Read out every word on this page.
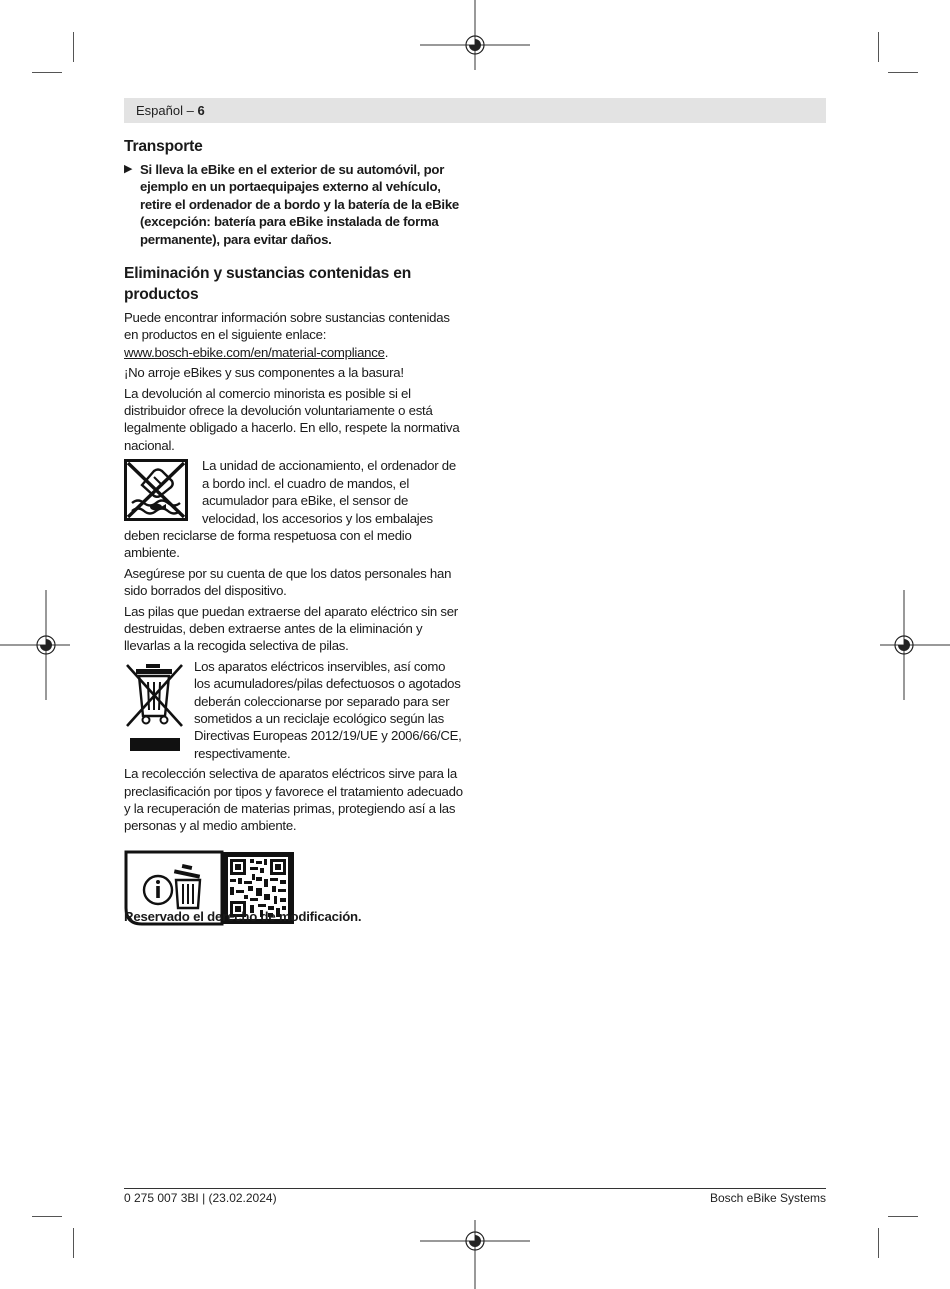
Español – 6
Transporte
▶ Si lleva la eBike en el exterior de su automóvil, por ejemplo en un portaequipajes externo al vehículo, retire el ordenador de a bordo y la batería de la eBike (excepción: batería para eBike instalada de forma permanente), para evitar daños.
Eliminación y sustancias contenidas en productos

Puede encontrar información sobre sustancias contenidas en productos en el siguiente enlace:
www.bosch-ebike.com/en/material-compliance.

¡No arroje eBikes y sus componentes a la basura!

La devolución al comercio minorista es posible si el distribuidor ofrece la devolución voluntariamente o está legalmente obligado a hacerlo. En ello, respete la normativa nacional.

La unidad de accionamiento, el ordenador de a bordo incl. el cuadro de mandos, el acumulador para eBike, el sensor de velocidad, los accesorios y los embalajes deben reciclarse de forma respetuosa con el medio ambiente.

Asegúrese por su cuenta de que los datos personales han sido borrados del dispositivo.

Las pilas que puedan extraerse del aparato eléctrico sin ser destruidas, deben extraerse antes de la eliminación y llevarlas a la recogida selectiva de pilas.

Los aparatos eléctricos inservibles, así como los acumuladores/pilas defectuosos o agotados deberán coleccionarse por separado para ser sometidos a un reciclaje ecológico según las Directivas Europeas 2012/19/UE y 2006/66/CE, respectivamente.

La recolección selectiva de aparatos eléctricos sirve para la preclasificación por tipos y favorece el tratamiento adecuado y la recuperación de materias primas, protegiendo así a las personas y al medio ambiente.

Reservado el derecho de modificación.
0 275 007 3BI | (23.02.2024)	Bosch eBike Systems
